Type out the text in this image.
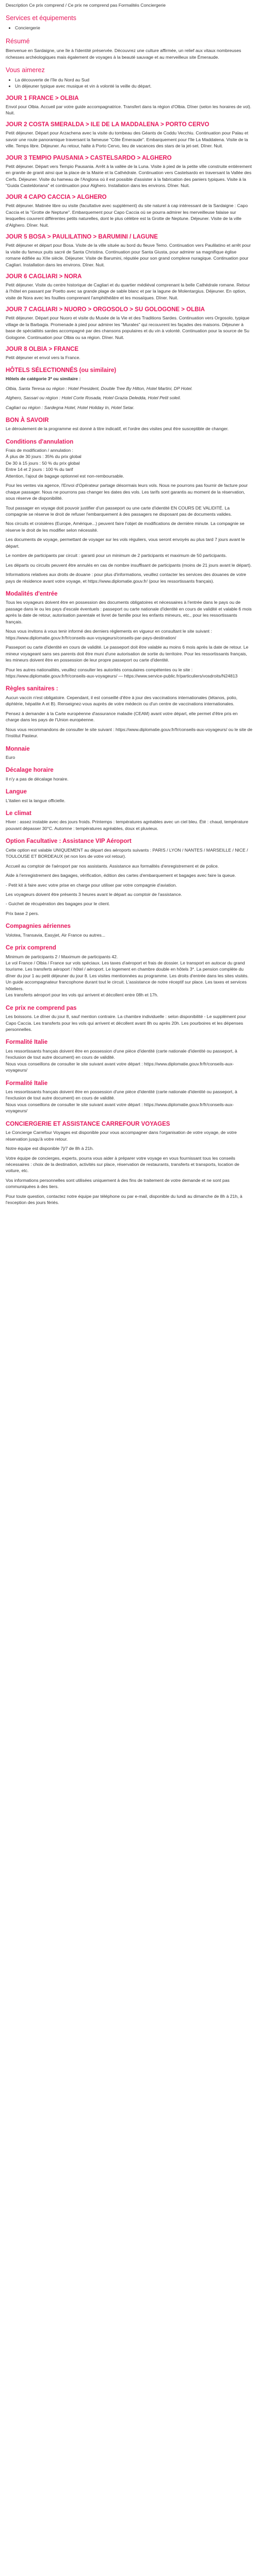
Description Ce prix comprend / Ce prix ne comprend pas Formalités Conciergerie

Services et équipements
• Conciergerie
Résumé

Bienvenue en Sardaigne, une île à l'identité préservée. Découvrez une culture affirmée, un relief aux vitaux nombreuses richesses archéologiques mais également de voyages à la beauté sauvage et au merveilleux site Émeraude.

Vous aimerez
• La découverte de l'île du Nord au Sud
• Un déjeuner typique avec musique et vin à volonté la veille du départ.
JOUR 1 FRANCE > OLBIA

Envol pour Olbia. Accueil par votre guide accompagnatrice. Transfert dans la région d'Olbia. Dîner (selon les horaires de vol). Nuit.

JOUR 2 COSTA SMERALDA > ILE DE LA MADDALENA > PORTO CERVO

Petit déjeuner. Départ pour Arzachena avec la visite du tombeau des Géants de Coddu Vecchiu. Continuation pour Palau et savoir une route panoramique traversant la fameuse "Côte Émeraude". Embarquement pour l'île La Maddalena. Visite de la ville. Temps libre. Déjeuner. Au retour, halte à Porto Cervo, lieu de vacances des stars de la jet-set. Dîner. Nuit.

JOUR 3 TEMPIO PAUSANIA > CASTELSARDO > ALGHERO

Petit déjeuner. Départ vers Tempio Pausania. Arrêt à la vallée de la Luna. Visite à pied de la petite ville construite entièrement en granite de granit ainsi que la place de la Mairie et la Cathédrale. Continuation vers Castelsardo en traversant la Vallée des Cerfs. Déjeuner. Visite du hameau de l'Anglona où il est possible d'assister à la fabrication des paniers typiques. Visite à la "Guida Casteldoriana" et continuation pour Alghero. Installation dans les environs. Dîner. Nuit.

JOUR 4 CAPO CACCIA > ALGHERO

Petit déjeuner. Matinée libre ou visite (facultative avec supplément) du site naturel à cap intéressant de la Sardaigne : Capo Caccia et la "Grotte de Neptune". Embarquement pour Capo Caccia où se pourra admirer les merveilleuse falaise sur lesquelles couvrent différentes petits naturelles, dont le plus célèbre est la Grotte de Neptune. Déjeuner. Visite de la ville d'Alghero. Dîner. Nuit.

JOUR 5 BOSA > PAULILATINO > BARUMINI / LAGUNE

Petit déjeuner et départ pour Bosa. Visite de la ville située au bord du fleuve Temo. Continuation vers Paulilatino et arrêt pour la visite du fameux puits sacré de Santa Christina. Continuation pour Santa Giusta, pour admirer sa magnifique église romane édifiée au XIIe siècle. Déjeuner. Visite de Barumini, réputée pour son grand complexe nuragique. Continuation pour Cagliari. Installation dans les environs. Dîner. Nuit.

JOUR 6 CAGLIARI > NORA

Petit déjeuner. Visite du centre historique de Cagliari et du quartier médiéval comprenant la belle Cathédrale romane. Retour à l'hôtel en passant par Poetto avec sa grande plage de sable blanc et par la lagune de Molentargius. Déjeuner. En option, visite de Nora avec les fouilles comprenant l'amphithéâtre et les mosaïques. Dîner. Nuit.

JOUR 7 CAGLIARI > NUORO > ORGOSOLO > SU GOLOGONE > OLBIA

Petit déjeuner. Départ pour Nuoro et visite du Musée de la Vie et des Traditions Sardes. Continuation vers Orgosolo, typique village de la Barbagia. Promenade à pied pour admirer les "Murales" qui recouvrent les façades des maisons. Déjeuner à base de spécialités sardes accompagné par des chansons populaires et du vin à volonté. Continuation pour la source de Su Gologone. Continuation pour Olbia ou sa région. Dîner. Nuit.

JOUR 8 OLBIA > FRANCE

Petit déjeuner et envol vers la France.

HÔTELS SÉLECTIONNÉS (ou similaire)

Hôtels de catégorie 3* ou similaire :

Olbia, Santa Teresa ou région : Hotel President, Double Tree By Hilton, Hotel Martini, DP Hotel.

Alghero, Sassari ou région : Hotel Corte Rosada, Hotel Grazia Deledda, Hotel Petit soleil.

Cagliari ou région : Sardegna Hotel, Hotel Holiday In, Hotel Setar.

BON À SAVOIR

Le déroulement de la programme est donné à titre indicatif, et l'ordre des visites peut être susceptible de changer.

Conditions d'annulation

Frais de modification / annulation :
À plus de 30 jours : 35% du prix global
De 30 à 15 jours : 50 % du prix global
Entre 14 et 2 jours : 100 % du tarif
Attention, l'ajout de bagage optionnel est non-remboursable.

Pour les ventes via agence, l'Envoi d'Opérateur partage désormais leurs vols. Nous ne pourrons pas fournir de facture pour chaque passager. Nous ne pourrons pas changer les dates des vols. Les tarifs sont garantis au moment de la réservation, sous réserve de disponibilité.

Tout passager en voyage doit pouvoir justifier d'un passeport ou une carte d'identité EN COURS DE VALIDITÉ. La compagnie se réserve le droit de refuser l'embarquement à des passagers ne disposant pas de documents valides.

Nos circuits et croisières (Europe, Amérique...) peuvent faire l'objet de modifications de dernière minute. La compagnie se réserve le droit de les modifier selon nécessité.

Les documents de voyage, permettant de voyager sur les vols réguliers, vous seront envoyés au plus tard 7 jours avant le départ.

Le nombre de participants par circuit : garanti pour un minimum de 2 participants et maximum de 50 participants.

Les départs ou circuits peuvent être annulés en cas de nombre insuffisant de participants (moins de 21 jours avant le départ).

Informations relatives aux droits de douane : pour plus d'informations, veuillez contacter les services des douanes de votre pays de résidence avant votre voyage, et https://www.diplomatie.gouv.fr/ (pour les ressortissants français).

Modalités d'entrée

Tous les voyageurs doivent être en possession des documents obligatoires et nécessaires à l'entrée dans le pays ou de passage dans le ou les pays d'escale éventuels : passeport ou carte nationale d'identité en cours de validité et valable 6 mois après la date de retour, autorisation parentale et livret de famille pour les enfants mineurs, etc., pour les ressortissants français.

Nous vous invitons à vous tenir informé des derniers règlements en vigueur en consultant le site suivant : https://www.diplomatie.gouv.fr/fr/conseils-aux-voyageurs/conseils-par-pays-destination/

Passeport ou carte d'identité en cours de validité. Le passeport doit être valable au moins 6 mois après la date de retour. Le mineur voyageant sans ses parents doit être muni d'une autorisation de sortie du territoire. Pour les ressortissants français, les mineurs doivent être en possession de leur propre passeport ou carte d'identité.

Pour les autres nationalités, veuillez consulter les autorités consulaires compétentes ou le site : https://www.diplomatie.gouv.fr/fr/conseils-aux-voyageurs/ — https://www.service-public.fr/particuliers/vosdroits/N24813

Règles sanitaires :

Aucun vaccin n'est obligatoire. Cependant, il est conseillé d'être à jour des vaccinations internationales (tétanos, polio, diphtérie, hépatite A et B). Renseignez-vous auprès de votre médecin ou d'un centre de vaccinations internationales.

Pensez à demander à la Carte européenne d'assurance maladie (CEAM) avant votre départ, elle permet d'être pris en charge dans les pays de l'Union européenne.

Nous vous recommandons de consulter le site suivant : https://www.diplomatie.gouv.fr/fr/conseils-aux-voyageurs/ ou le site de l'Institut Pasteur.

Monnaie

Euro

Décalage horaire

Il n'y a pas de décalage horaire.

Langue

L'italien est la langue officielle.

Le climat

Hiver : assez instable avec des jours froids. Printemps : températures agréables avec un ciel bleu. Été : chaud, température pouvant dépasser 30°C. Automne : températures agréables, doux et pluvieux.

Option Facultative : Assistance VIP Aéroport

Cette option est valable UNIQUEMENT au départ des aéroports suivants : PARIS / LYON / NANTES / MARSEILLE / NICE / TOULOUSE ET BORDEAUX (et non lors de votre vol retour).

Accueil au comptoir de l'aéroport par nos assistants. Assistance aux formalités d'enregistrement et de police.

Aide à l'enregistrement des bagages, vérification, édition des cartes d'embarquement et bagages avec faire la queue.

- Petit kit à faire avec votre prise en charge pour utiliser par votre compagnie d'aviation.

Les voyageurs doivent être présents 3 heures avant le départ au comptoir de l'assistance.

- Guichet de récupération des bagages pour le client.

Prix base 2 pers.

Compagnies aériennes

Volotea, Transavia, Easyjet, Air France ou autres...

Ce prix comprend

Minimum de participants 2 / Maximum de participants 42.
Le vol France / Olbia / France sur vols spéciaux. Les taxes d'aéroport et frais de dossier. Le transport en autocar du grand tourisme. Les transferts aéroport / hôtel / aéroport. Le logement en chambre double en hôtels 3*. La pension complète du dîner du jour 1 au petit déjeuner du jour 8. Les visites mentionnées au programme. Les droits d'entrée dans les sites visités. Un guide accompagnateur francophone durant tout le circuit. L'assistance de notre réceptif sur place. Les taxes et services hôteliers.
Les transferts aéroport pour les vols qui arrivent et décollent entre 08h et 17h.

Ce prix ne comprend pas

Les boissons. Le dîner du jour 8, sauf mention contraire. La chambre individuelle : selon disponibilité - Le supplément pour Capo Caccia. Les transferts pour les vols qui arrivent et décollent avant 8h ou après 20h. Les pourboires et les dépenses personnelles.

Formalité Italie

Les ressortissants français doivent être en possession d'une pièce d'identité (carte nationale d'identité ou passeport, à l'exclusion de tout autre document) en cours de validité.
Nous vous conseillons de consulter le site suivant avant votre départ : https://www.diplomatie.gouv.fr/fr/conseils-aux-voyageurs/

Formalité Italie

Les ressortissants français doivent être en possession d'une pièce d'identité (carte nationale d'identité ou passeport, à l'exclusion de tout autre document) en cours de validité.
Nous vous conseillons de consulter le site suivant avant votre départ : https://www.diplomatie.gouv.fr/fr/conseils-aux-voyageurs/

CONCIERGERIE ET ASSISTANCE CARREFOUR VOYAGES

Le Concierge Carrefour Voyages est disponible pour vous accompagner dans l'organisation de votre voyage, de votre réservation jusqu'à votre retour.

Notre équipe est disponible 7j/7 de 8h à 21h.

Votre équipe de concierges, experts, pourra vous aider à préparer votre voyage en vous fournissant tous les conseils nécessaires : choix de la destination, activités sur place, réservation de restaurants, transferts et transports, location de voiture, etc.

Vos informations personnelles sont utilisées uniquement à des fins de traitement de votre demande et ne sont pas communiquées à des tiers.

Pour toute question, contactez notre équipe par téléphone ou par e-mail, disponible du lundi au dimanche de 8h à 21h, à l'exception des jours fériés.
